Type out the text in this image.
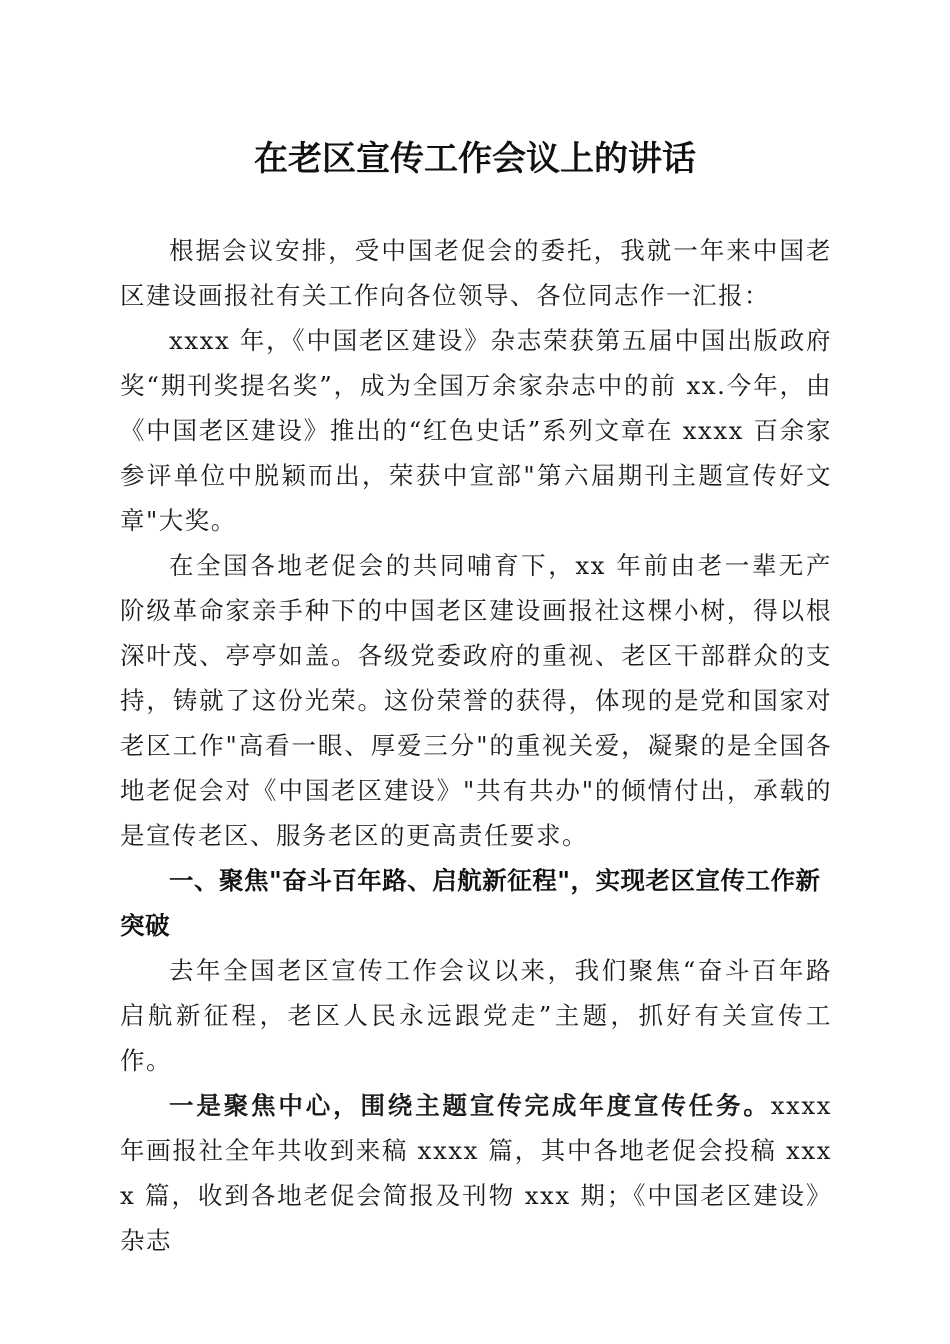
在老区宣传工作会议上的讲话

根据会议安排，受中国老促会的委托，我就一年来中国老区建设画报社有关工作向各位领导、各位同志作一汇报：

xxxx 年，《中国老区建设》杂志荣获第五届中国出版政府奖“期刊奖提名奖”，成为全国万余家杂志中的前 xx.今年，由《中国老区建设》推出的“红色史话”系列文章在 xxxx 百余家参评单位中脱颖而出，荣获中宣部"第六届期刊主题宣传好文章"大奖。

在全国各地老促会的共同哺育下，xx 年前由老一辈无产阶级革命家亲手种下的中国老区建设画报社这棵小树，得以根深叶茂、亭亭如盖。各级党委政府的重视、老区干部群众的支持，铸就了这份光荣。这份荣誉的获得，体现的是党和国家对老区工作"高看一眼、厚爱三分"的重视关爱，凝聚的是全国各地老促会对《中国老区建设》"共有共办"的倾情付出，承载的是宣传老区、服务老区的更高责任要求。

一、聚焦"奋斗百年路、启航新征程"，实现老区宣传工作新突破

去年全国老区宣传工作会议以来，我们聚焦“奋斗百年路启航新征程，老区人民永远跟党走”主题，抓好有关宣传工作。

一是聚焦中心，围绕主题宣传完成年度宣传任务。xxxx 年画报社全年共收到来稿 xxxx 篇，其中各地老促会投稿 xxxx 篇，收到各地老促会简报及刊物 xxx 期；《中国老区建设》杂志
